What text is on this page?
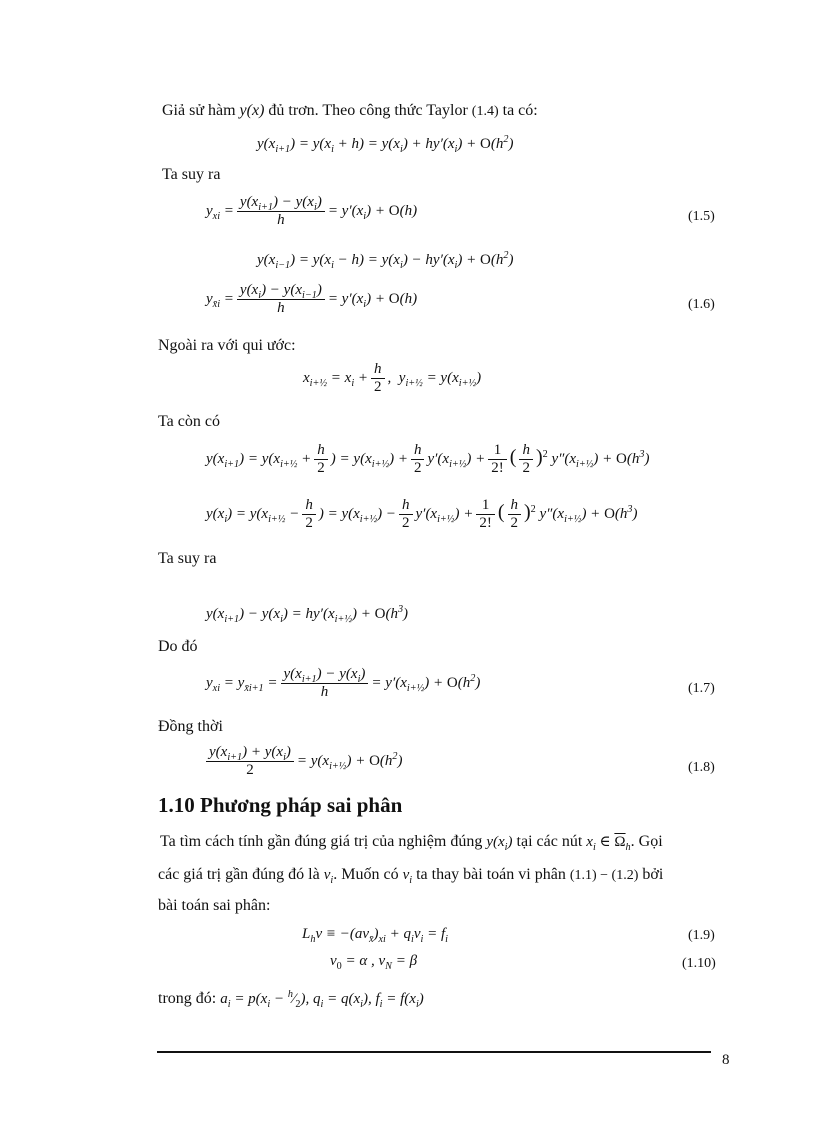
Giả sử hàm y(x) đủ trơn. Theo công thức Taylor (1.4) ta có:
$y(x_{i+1}) = y(x_i + h) = y(x_i) + hy'(x_i) + O(h^2)$
Ta suy ra
$y_{xi} = \frac{y(x_{i+1}) - y(x_i)}{h} = y'(x_i) + O(h)$	(1.5)
$y(x_{i-1}) = y(x_i - h) = y(x_i) - hy'(x_i) + O(h^2)$
$y_{x̄i} = \frac{y(x_i) - y(x_{i-1})}{h} = y'(x_i) + O(h)$	(1.6)
Ngoài ra với qui ước:
$x_{i+\frac{1}{2}} = x_i + \frac{h}{2}$ ,  $y_{i+\frac{1}{2}} = y(x_{i+\frac{1}{2}})$
Ta còn có
$y(x_{i+1}) = y(x_{i+\frac{1}{2}} + \frac{h}{2}$ ) = $y(x_{i+\frac{1}{2}}) + \frac{h}{2} y'(x_{i+\frac{1}{2}}) + \frac{1}{2!}$ ( $\frac{h}{2} )^2$ $y''(x_{i+\frac{1}{2}}) + O(h^3)$
$y(x_i) = y(x_{i+\frac{1}{2}} - \frac{h}{2}$ ) = $y(x_{i+\frac{1}{2}}) - \frac{h}{2} y'(x_{i+\frac{1}{2}}) + \frac{1}{2!}$ ( $\frac{h}{2} )^2$ $y''(x_{i+\frac{1}{2}}) + O(h^3)$
Ta suy ra
$y(x_{i+1}) - y(x_i) = hy'(x_{i+\frac{1}{2}}) + O(h^3)$
Do đó
$y_{xi} = y_{x̄i+1} = \frac{y(x_{i+1}) - y(x_i)}{h} = y'(x_{i+\frac{1}{2}}) + O(h^2)$	(1.7)
Đồng thời
$\frac{y(x_{i+1}) + y(x_i)}{2} = y(x_{i+\frac{1}{2}}) + O(h^2)$	(1.8)
1.10 Phương pháp sai phân
Ta tìm cách tính gần đúng giá trị của nghiệm đúng $y(x_i)$ tại các nút $x_i$ ∈ $\overline{\Omega}_h$. Gọi
các giá trị gần đúng đó là $v_i$. Muốn có $v_i$ ta thay bài toán vi phân (1.1) − (1.2) bởi
bài toán sai phân:
$L_hv \equiv -(av_{x̄})_{xi} + q_iv_i = f_i$	(1.9)
$v_0 = \alpha$ , $v_N = \beta$	(1.10)
trong đó: $a_i = p(x_i$ − $^h⁄_2$), $q_i = q(x_i)$, $f_i = f(x_i)$
8
